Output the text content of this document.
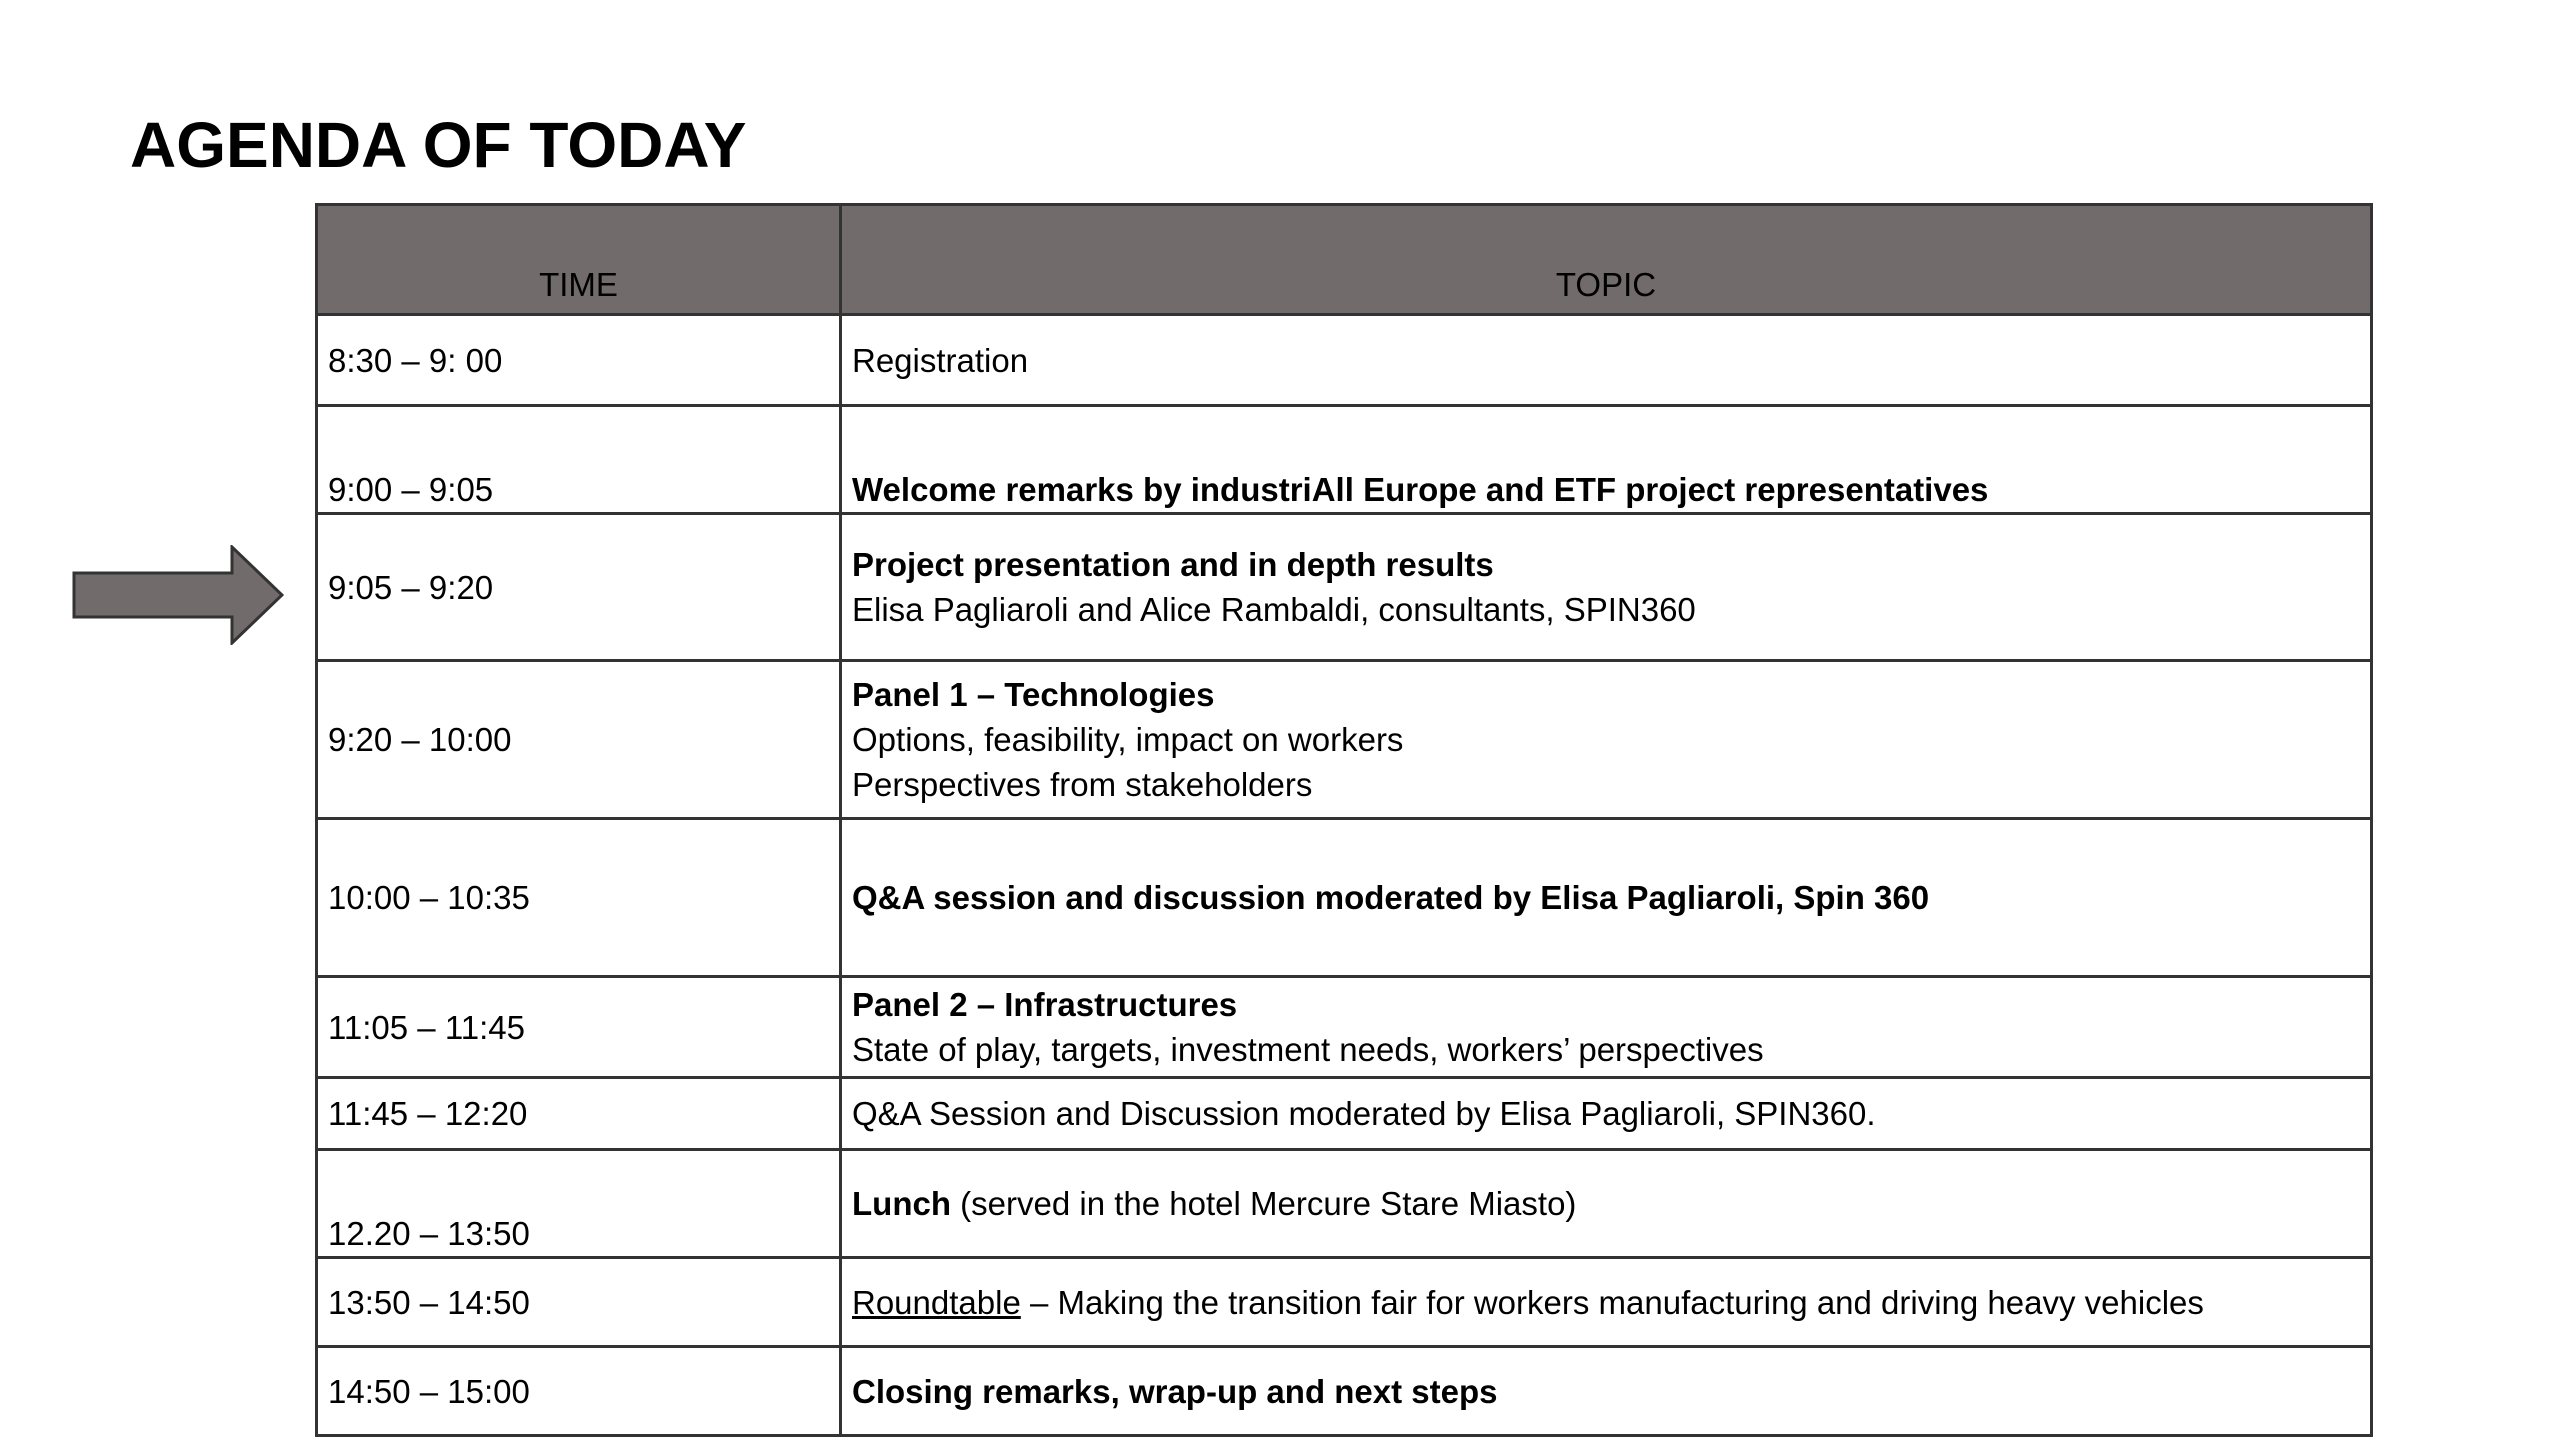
AGENDA OF TODAY
TIME	TOPIC
8:30 – 9: 00	Registration
9:00 – 9:05	Welcome remarks by industriAll Europe and ETF project representatives
9:05 – 9:20	Project presentation and in depth results
Elisa Pagliaroli and Alice Rambaldi, consultants, SPIN360

9:20 – 10:00	Panel 1 – Technologies
Options, feasibility, impact on workers
Perspectives from stakeholders

10:00 – 10:35	Q&A session and discussion moderated by Elisa Pagliaroli, Spin 360
11:05 – 11:45	Panel 2 – Infrastructures
State of play, targets, investment needs, workers’ perspectives

11:45 – 12:20	Q&A Session and Discussion moderated by Elisa Pagliaroli, SPIN360.
12.20 – 13:50	Lunch (served in the hotel Mercure Stare Miasto)

13:50 – 14:50	Roundtable – Making the transition fair for workers manufacturing and driving heavy vehicles

14:50 – 15:00	Closing remarks, wrap-up and next steps
